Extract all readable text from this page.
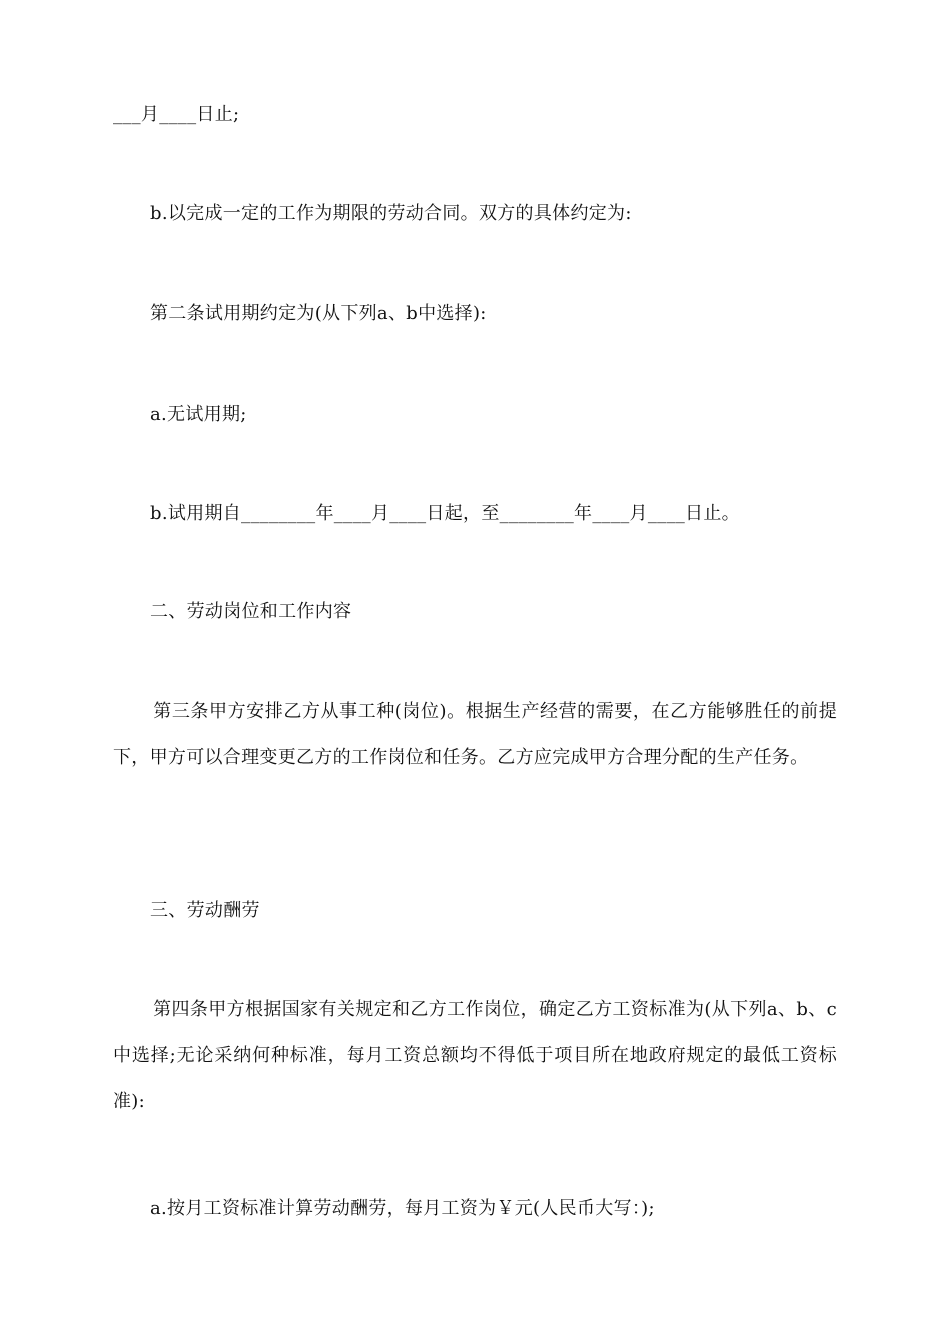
___月____日止;
b.以完成一定的工作为期限的劳动合同。双方的具体约定为:
第二条试用期约定为(从下列a、b中选择):
a.无试用期;
b.试用期自________年____月____日起，至________年____月____日止。
二、劳动岗位和工作内容
第三条甲方安排乙方从事工种(岗位)。根据生产经营的需要，在乙方能够胜任的前提下，甲方可以合理变更乙方的工作岗位和任务。乙方应完成甲方合理分配的生产任务。
三、劳动酬劳
第四条甲方根据国家有关规定和乙方工作岗位，确定乙方工资标准为(从下列a、b、c中选择;无论采纳何种标准，每月工资总额均不得低于项目所在地政府规定的最低工资标准):
a.按月工资标准计算劳动酬劳，每月工资为￥元(人民币大写：);
